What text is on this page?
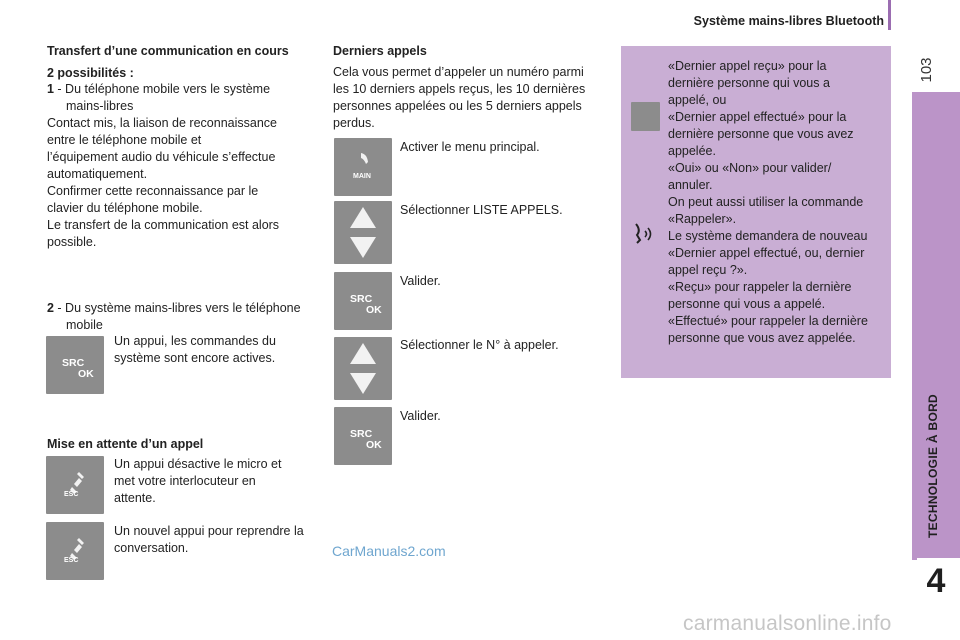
Système mains-libres Bluetooth
103
TECHNOLOGIE À BORD
4
Transfert d’une communication en cours
2 possibilités :
1 - Du téléphone mobile vers le système mains-libres
Contact mis, la liaison de reconnaissance
entre le téléphone mobile et
l’équipement audio du véhicule s’effectue
automatiquement.
Confirmer cette reconnaissance par le
clavier du téléphone mobile.
Le transfert de la communication est alors
possible.
2 - Du système mains-libres vers le téléphone mobile
SRC
OK
Un appui, les commandes du système sont encore actives.
Mise en attente d’un appel
ESC
Un appui désactive le micro et met votre interlocuteur en attente.
ESC
Un nouvel appui pour reprendre la conversation.
Derniers appels
Cela vous permet d’appeler un numéro parmi les 10 derniers appels reçus, les 10 dernières personnes appelées ou les 5 derniers appels perdus.
MAIN
Activer le menu principal.
Sélectionner LISTE APPELS.
SRC
OK
Valider.
Sélectionner le N° à appeler.
SRC
OK
Valider.
«Dernier appel reçu» pour la
dernière personne qui vous a
appelé, ou
«Dernier appel effectué» pour la
dernière personne que vous avez
appelée.
«Oui» ou «Non» pour valider/
annuler.
On peut aussi utiliser la commande
«Rappeler».
Le système demandera de nouveau
«Dernier appel effectué, ou, dernier
appel reçu ?».
«Reçu» pour rappeler la dernière
personne qui vous a appelé.
«Effectué» pour rappeler la dernière
personne que vous avez appelée.
CarManuals2.com
carmanualsonline.info
